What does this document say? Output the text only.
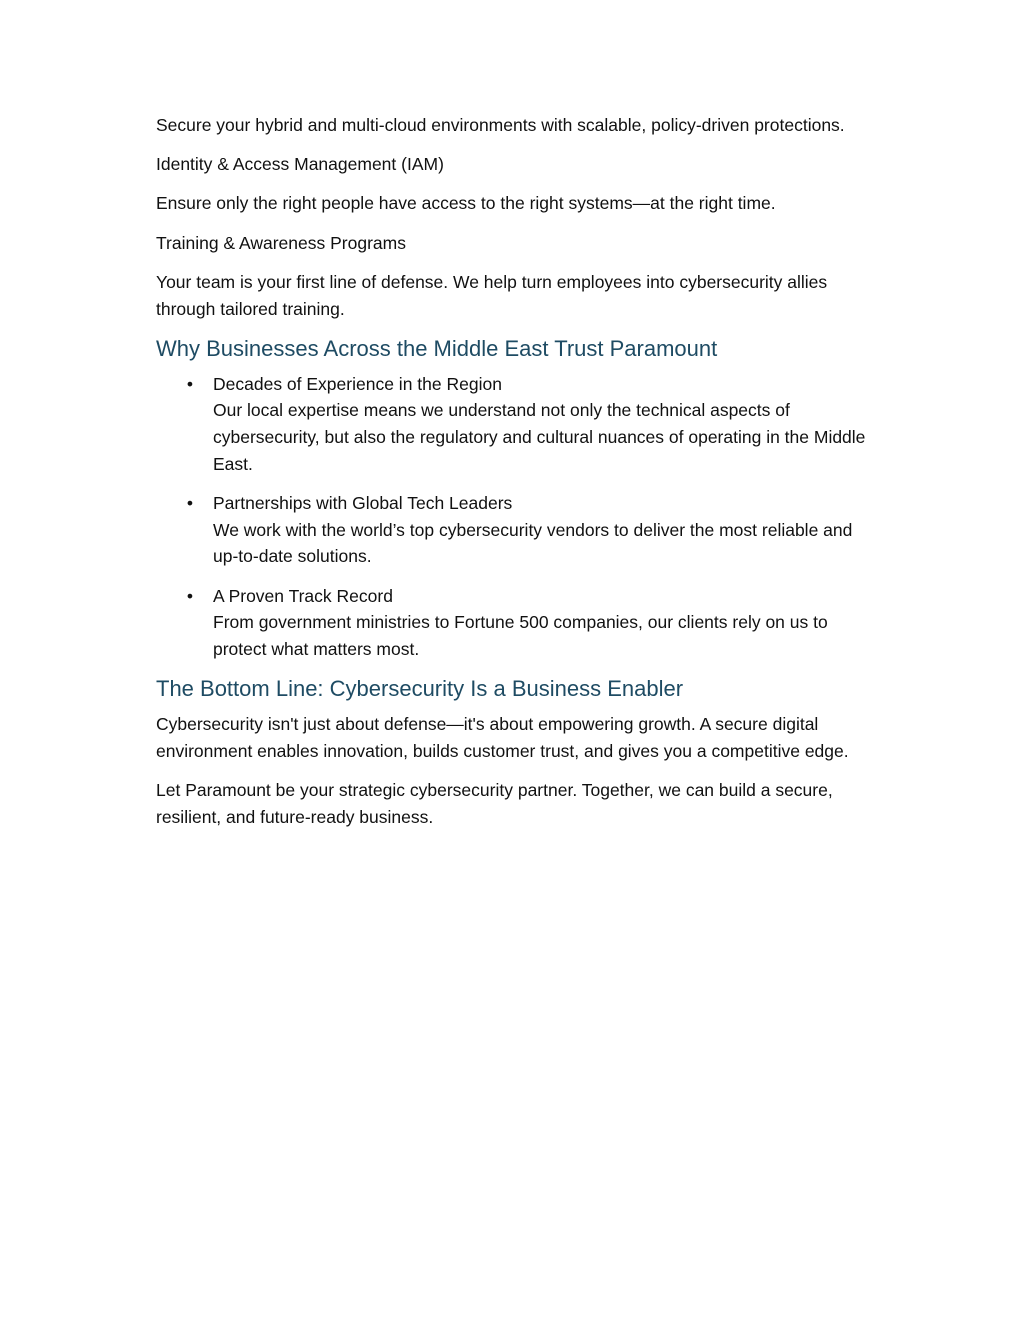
Secure your hybrid and multi-cloud environments with scalable, policy-driven protections.

Identity & Access Management (IAM)

Ensure only the right people have access to the right systems—at the right time.

Training & Awareness Programs

Your team is your first line of defense. We help turn employees into cybersecurity allies through tailored training.

Why Businesses Across the Middle East Trust Paramount
• Decades of Experience in the Region
Our local expertise means we understand not only the technical aspects of cybersecurity, but also the regulatory and cultural nuances of operating in the Middle East.
• Partnerships with Global Tech Leaders
We work with the world’s top cybersecurity vendors to deliver the most reliable and up-to-date solutions.
• A Proven Track Record
From government ministries to Fortune 500 companies, our clients rely on us to protect what matters most.
The Bottom Line: Cybersecurity Is a Business Enabler

Cybersecurity isn't just about defense—it's about empowering growth. A secure digital environment enables innovation, builds customer trust, and gives you a competitive edge.

Let Paramount be your strategic cybersecurity partner. Together, we can build a secure, resilient, and future-ready business.
